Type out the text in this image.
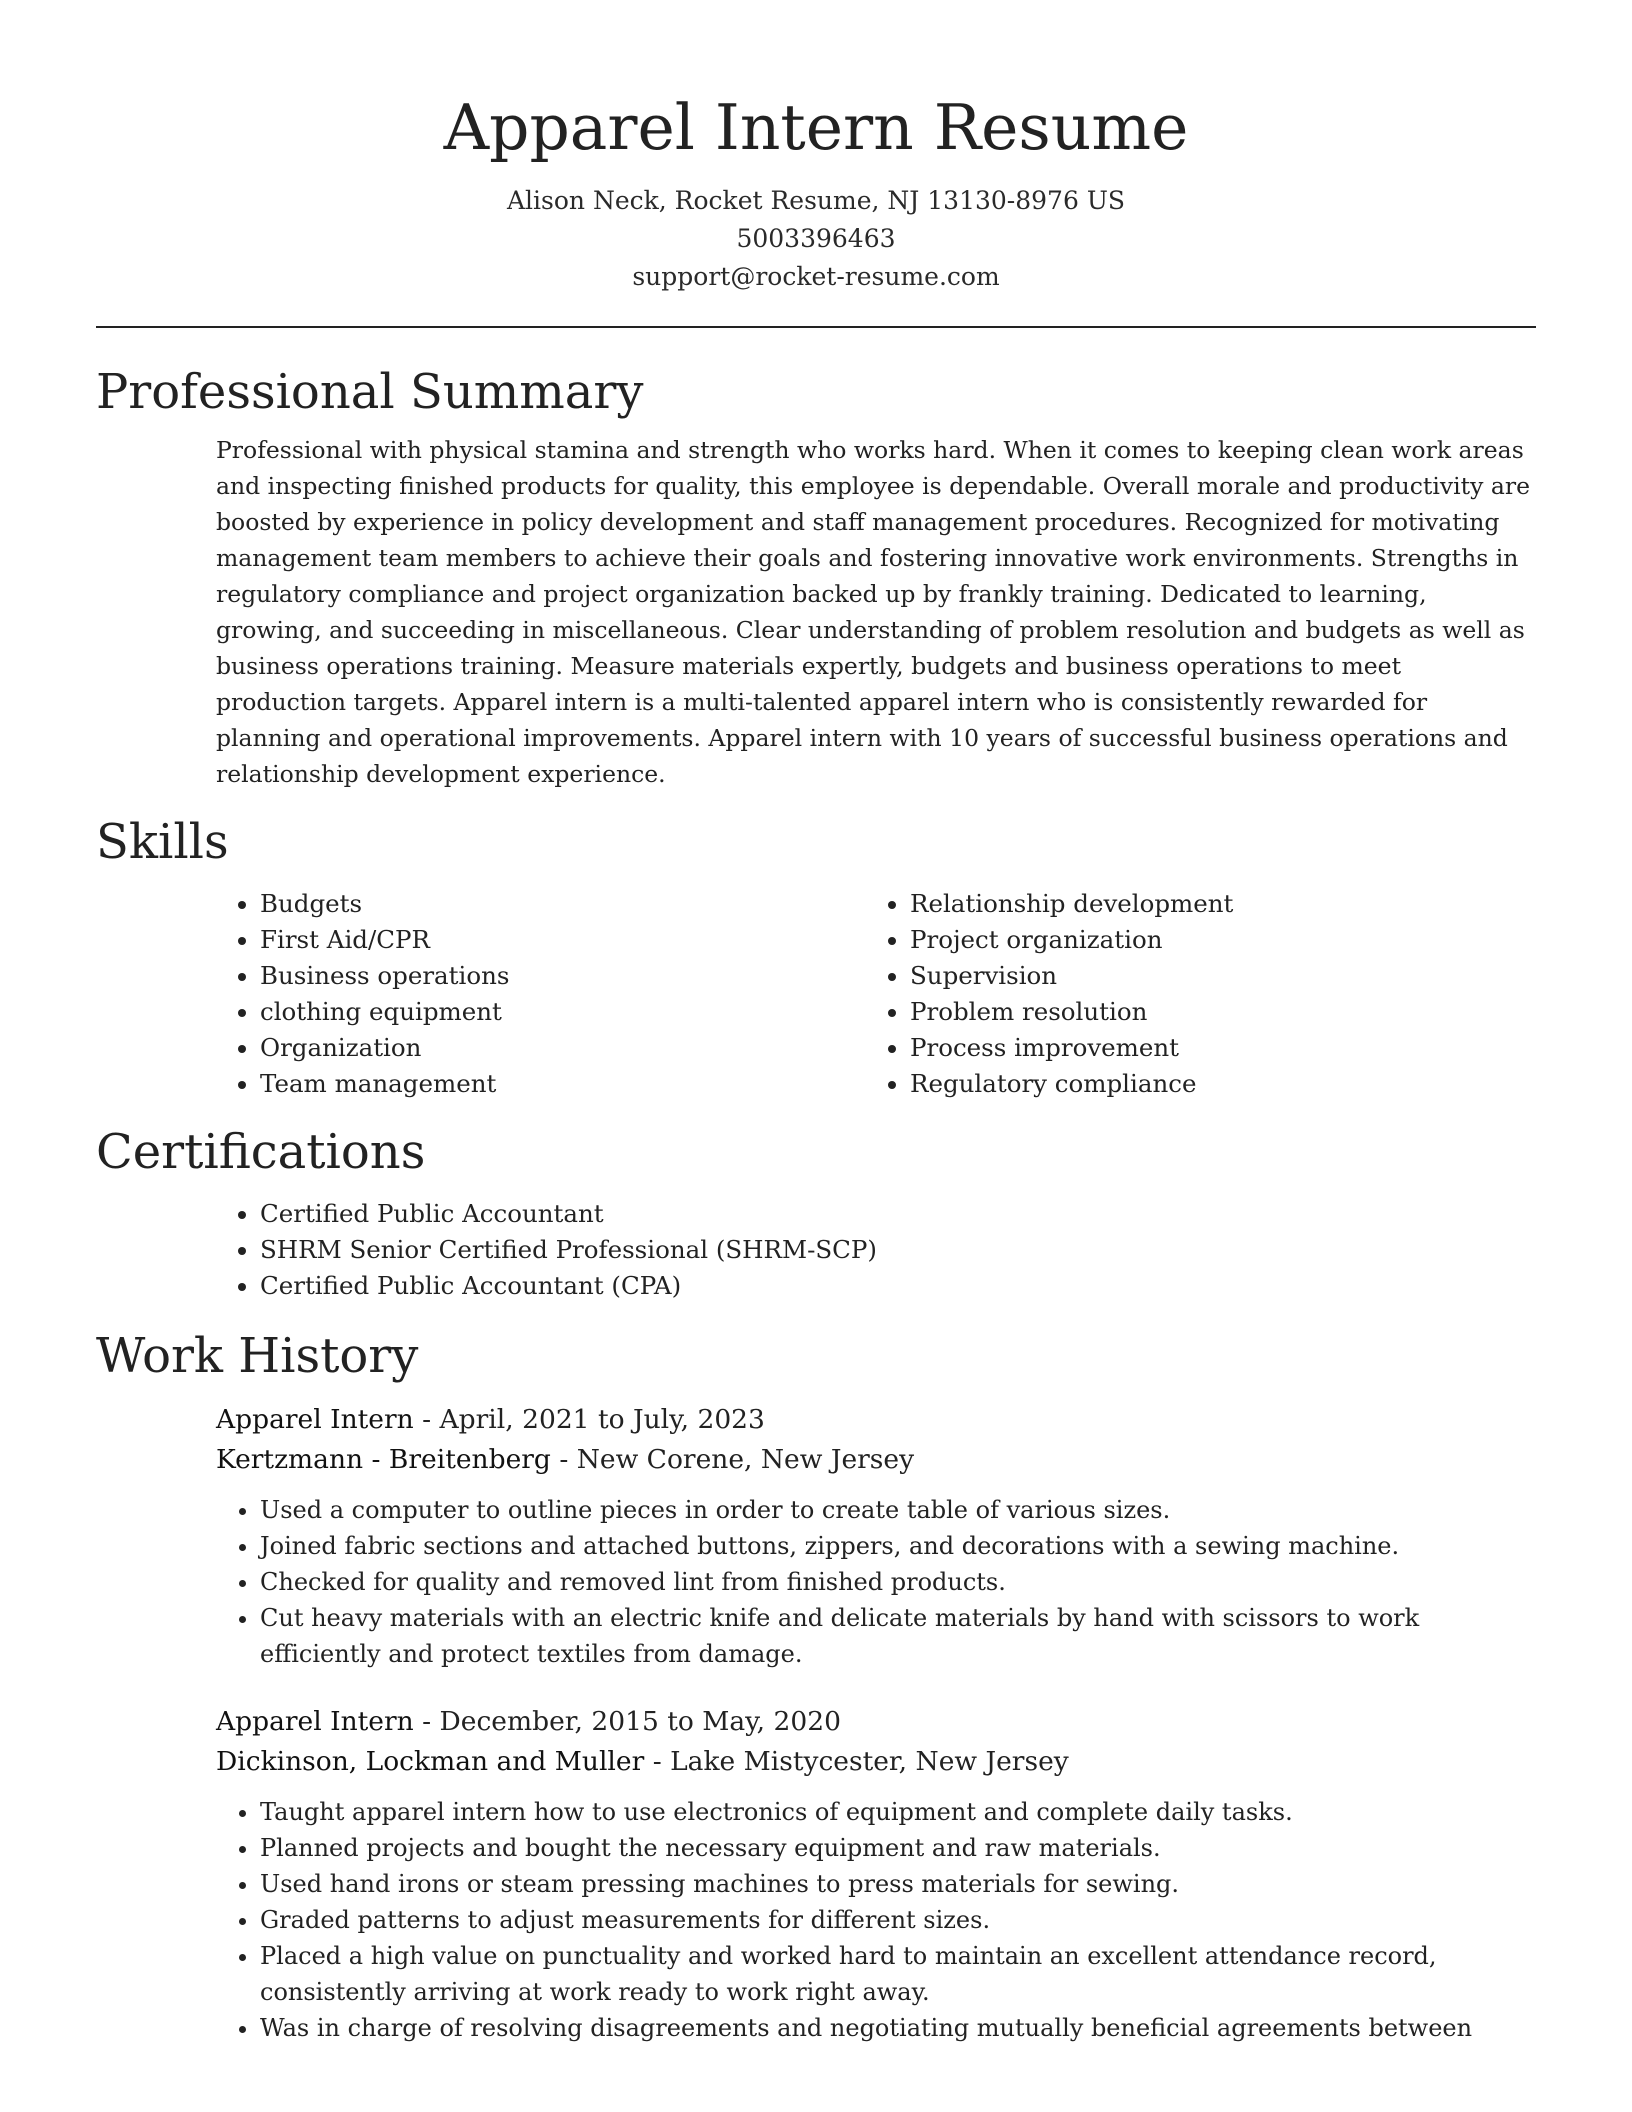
Apparel Intern Resume
Alison Neck, Rocket Resume, NJ 13130-8976 US
5003396463
support@rocket-resume.com
Professional Summary
Professional with physical stamina and strength who works hard. When it comes to keeping clean work areas and inspecting finished products for quality, this employee is dependable. Overall morale and productivity are boosted by experience in policy development and staff management procedures. Recognized for motivating management team members to achieve their goals and fostering innovative work environments. Strengths in regulatory compliance and project organization backed up by frankly training. Dedicated to learning, growing, and succeeding in miscellaneous. Clear understanding of problem resolution and budgets as well as business operations training. Measure materials expertly, budgets and business operations to meet production targets. Apparel intern is a multi-talented apparel intern who is consistently rewarded for planning and operational improvements. Apparel intern with 10 years of successful business operations and relationship development experience.
Skills
• Budgets
• First Aid/CPR
• Business operations
• clothing equipment
• Organization
• Team management
• Relationship development
• Project organization
• Supervision
• Problem resolution
• Process improvement
• Regulatory compliance
Certifications
• Certified Public Accountant
• SHRM Senior Certified Professional (SHRM-SCP)
• Certified Public Accountant (CPA)
Work History
Apparel Intern - April, 2021 to July, 2023
Kertzmann - Breitenberg - New Corene, New Jersey
• Used a computer to outline pieces in order to create table of various sizes.
• Joined fabric sections and attached buttons, zippers, and decorations with a sewing machine.
• Checked for quality and removed lint from finished products.
• Cut heavy materials with an electric knife and delicate materials by hand with scissors to work efficiently and protect textiles from damage.
Apparel Intern - December, 2015 to May, 2020
Dickinson, Lockman and Muller - Lake Mistycester, New Jersey
• Taught apparel intern how to use electronics of equipment and complete daily tasks.
• Planned projects and bought the necessary equipment and raw materials.
• Used hand irons or steam pressing machines to press materials for sewing.
• Graded patterns to adjust measurements for different sizes.
• Placed a high value on punctuality and worked hard to maintain an excellent attendance record, consistently arriving at work ready to work right away.
• Was in charge of resolving disagreements and negotiating mutually beneficial agreements between
